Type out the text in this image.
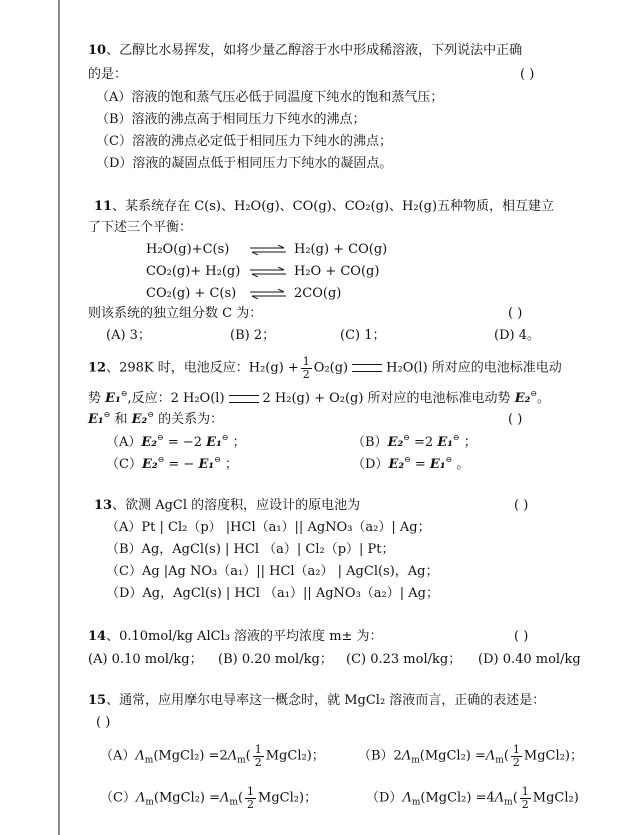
10、乙醇比水易挥发，如将少量乙醇溶于水中形成稀溶液，下列说法中正确
的是：	( )
（A）溶液的饱和蒸气压必低于同温度下纯水的饱和蒸气压；
（B）溶液的沸点高于相同压力下纯水的沸点；
（C）溶液的沸点必定低于相同压力下纯水的沸点；
（D）溶液的凝固点低于相同压力下纯水的凝固点。
11、某系统存在 C(s)、H₂O(g)、CO(g)、CO₂(g)、H₂(g)五种物质，相互建立
了下述三个平衡：
H₂O(g)+C(s) ⇌ H₂(g) + CO(g)
CO₂(g)+ H₂(g) ⇌ H₂O + CO(g)
CO₂(g) + C(s) ⇌ 2CO(g)
则该系统的独立组分数 C 为：	( )
(A) 3；	(B) 2；	(C) 1；	(D) 4。
12、298K 时，电池反应：$H_2(g) + \frac{1}{2} O_2(g)$	H₂O(l) 所对应的电池标准电动
势 E₁⊖,反应：2 H₂O(l)	2 H₂(g) + O₂(g) 所对应的电池标准电动势 E₂⊖。
E₁⊖ 和 E₂⊖ 的关系为：	( )
（A）E₂⊖ = −2 E₁⊖ ；	（B）E₂⊖ =2 E₁⊖ ；
（C）E₂⊖ = − E₁⊖ ；	（D）E₂⊖ = E₁⊖ 。
13、欲测 AgCl 的溶度积，应设计的原电池为	( )
（A）Pt | Cl₂（p） |HCl（a₁）|| AgNO₃（a₂）| Ag；
（B）Ag，AgCl(s) | HCl （a）| Cl₂（p）| Pt；
（C）Ag |Ag NO₃（a₁）|| HCl（a₂） | AgCl(s)，Ag；
（D）Ag，AgCl(s) | HCl （a₁）|| AgNO₃（a₂）| Ag；
14、0.10mol/kg AlCl₃ 溶液的平均浓度 m± 为：	( )
(A) 0.10 mol/kg； (B) 0.20 mol/kg； (C) 0.23 mol/kg； (D) 0.40 mol/kg
15、通常，应用摩尔电导率这一概念时，就 MgCl₂ 溶液而言，正确的表述是：
( )
$(A)\Lambda_m(MgCl_2) =2\Lambda_m( \frac{1}{2}$ MgCl₂)；	$(B)2\Lambda_m(MgCl_2) =\Lambda_m( \frac{1}{2}$ MgCl₂)；
$(C)\Lambda_m(MgCl_2) =\Lambda_m( \frac{1}{2}$ MgCl₂)；	$(D)\Lambda_m(MgCl_2) =4\Lambda_m( \frac{1}{2}$ MgCl₂)
